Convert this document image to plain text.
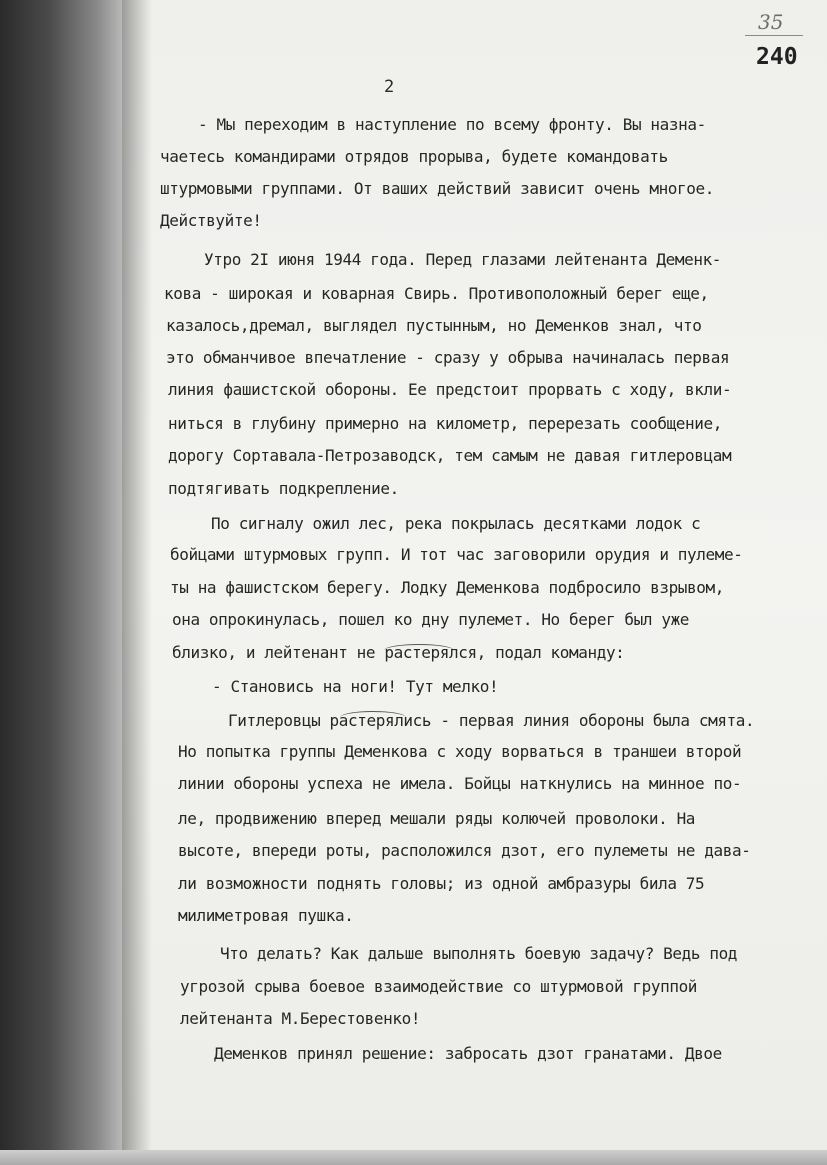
35
240
2
- Мы переходим в наступление по всему фронту. Вы назна-
чаетесь командирами отрядов прорыва, будете командовать
штурмовыми группами. От ваших действий зависит очень многое.
Действуйте!
Утро 2I июня 1944 года. Перед глазами лейтенанта Деменк-
кова - широкая и коварная Свирь. Противоположный берег еще,
казалось,дремал, выглядел пустынным, но Деменков знал, что
это обманчивое впечатление - сразу у обрыва начиналась первая
линия фашистской обороны. Ее предстоит прорвать с ходу, вкли-
ниться в глубину примерно на километр, перерезать сообщение,
дорогу Сортавала-Петрозаводск, тем самым не давая гитлеровцам
подтягивать подкрепление.
По сигналу ожил лес, река покрылась десятками лодок с
бойцами штурмовых групп. И тот час заговорили орудия и пулеме-
ты на фашистском берегу. Лодку Деменкова подбросило взрывом,
она опрокинулась, пошел ко дну пулемет. Но берег был уже
близко, и лейтенант не растерялся, подал команду:
- Становись на ноги! Тут мелко!
Гитлеровцы растерялись - первая линия обороны была смята.
Но попытка группы Деменкова с ходу ворваться в траншеи второй
линии обороны успеха не имела. Бойцы наткнулись на минное по-
ле, продвижению вперед мешали ряды колючей проволоки. На
высоте, впереди роты, расположился дзот, его пулеметы не дава-
ли возможности поднять головы; из одной амбразуры била 75
милиметровая пушка.
Что делать? Как дальше выполнять боевую задачу? Ведь под
угрозой срыва боевое взаимодействие со штурмовой группой
лейтенанта М.Берестовенко!
Деменков принял решение: забросать дзот гранатами. Двое
